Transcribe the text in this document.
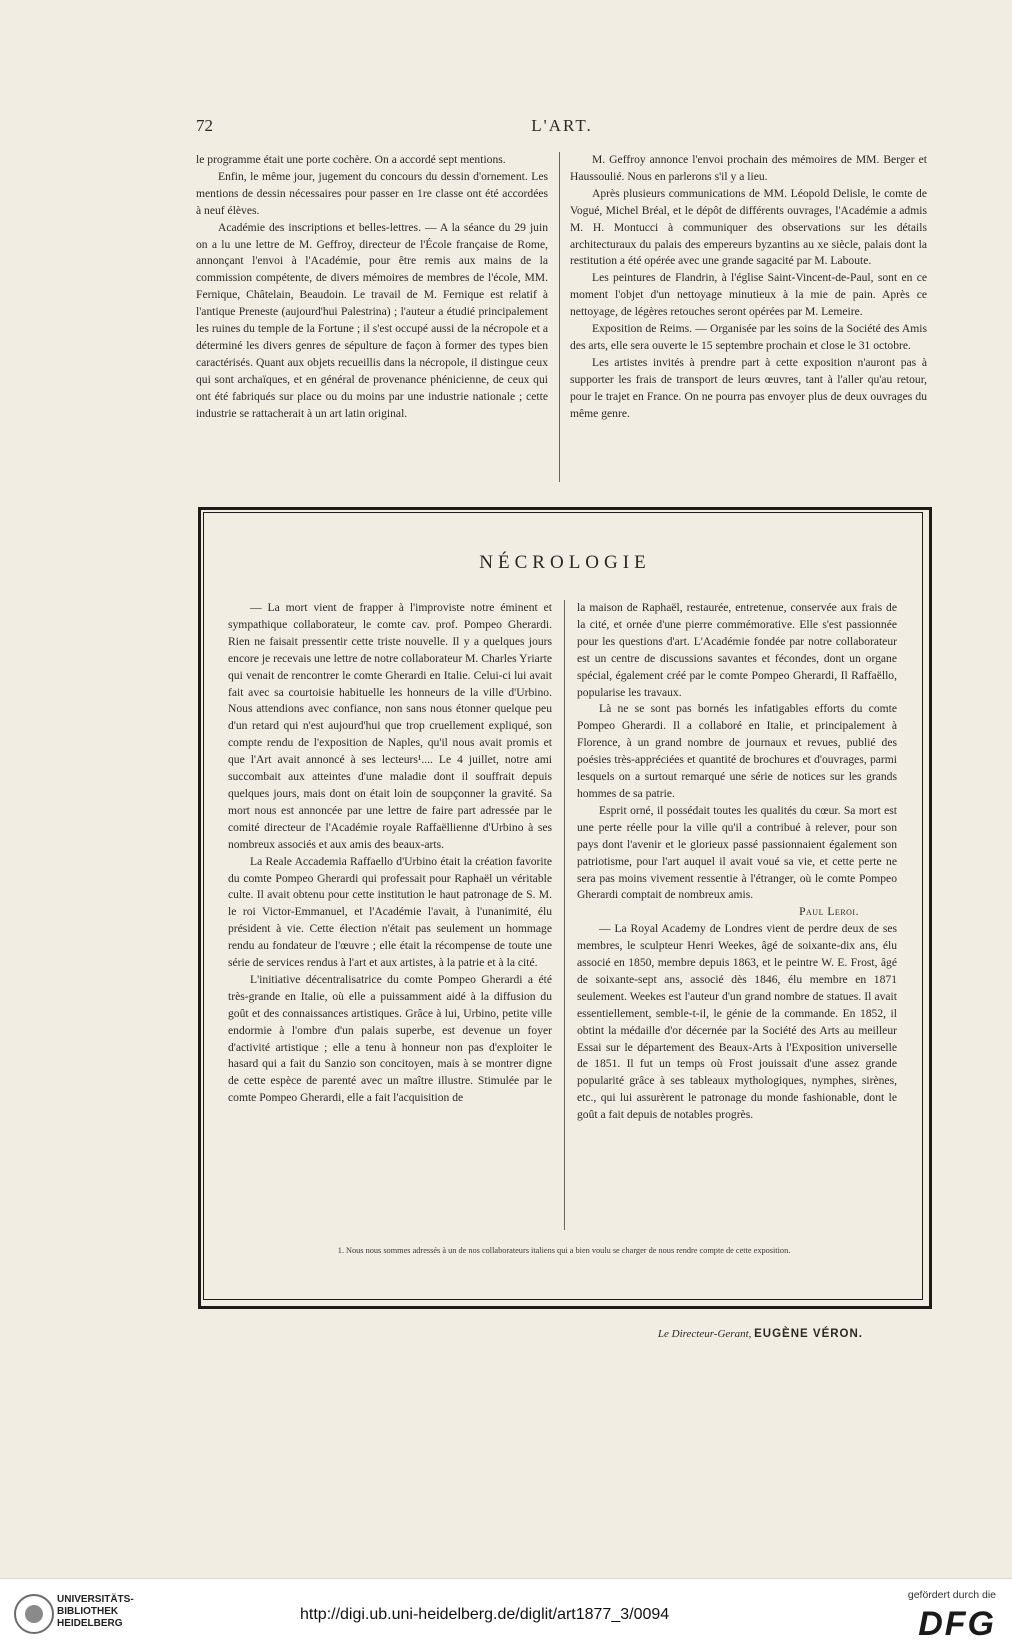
72	L'ART.

le programme était une porte cochère. On a accordé sept mentions.

Enfin, le même jour, jugement du concours du dessin d'ornement. Les mentions de dessin nécessaires pour passer en 1re classe ont été accordées à neuf élèves.

Académie des inscriptions et belles-lettres. — A la séance du 29 juin on a lu une lettre de M. Geffroy, directeur de l'École française de Rome, annonçant l'envoi à l'Académie, pour être remis aux mains de la commission compétente, de divers mémoires de membres de l'école, MM. Fernique, Châtelain, Beaudoin. Le travail de M. Fernique est relatif à l'antique Preneste (aujourd'hui Palestrina) ; l'auteur a étudié principalement les ruines du temple de la Fortune ; il s'est occupé aussi de la nécropole et a déterminé les divers genres de sépulture de façon à former des types bien caractérisés. Quant aux objets recueillis dans la nécropole, il distingue ceux qui sont archaïques, et en général de provenance phénicienne, de ceux qui ont été fabriqués sur place ou du moins par une industrie nationale ; cette industrie se rattacherait à un art latin original.

M. Geffroy annonce l'envoi prochain des mémoires de MM. Berger et Haussoulié. Nous en parlerons s'il y a lieu.

Après plusieurs communications de MM. Léopold Delisle, le comte de Vogué, Michel Bréal, et le dépôt de différents ouvrages, l'Académie a admis M. H. Montucci à communiquer des observations sur les détails architecturaux du palais des empereurs byzantins au xe siècle, palais dont la restitution a été opérée avec une grande sagacité par M. Laboute.

Les peintures de Flandrin, à l'église Saint-Vincent-de-Paul, sont en ce moment l'objet d'un nettoyage minutieux à la mie de pain. Après ce nettoyage, de légères retouches seront opérées par M. Lemeire.

Exposition de Reims. — Organisée par les soins de la Société des Amis des arts, elle sera ouverte le 15 septembre prochain et close le 31 octobre.

Les artistes invités à prendre part à cette exposition n'auront pas à supporter les frais de transport de leurs œuvres, tant à l'aller qu'au retour, pour le trajet en France. On ne pourra pas envoyer plus de deux ouvrages du même genre.

NÉCROLOGIE

— La mort vient de frapper à l'improviste notre éminent et sympathique collaborateur, le comte cav. prof. Pompeo Gherardi. Rien ne faisait pressentir cette triste nouvelle. Il y a quelques jours encore je recevais une lettre de notre collaborateur M. Charles Yriarte qui venait de rencontrer le comte Gherardi en Italie. Celui-ci lui avait fait avec sa courtoisie habituelle les honneurs de la ville d'Urbino. Nous attendions avec confiance, non sans nous étonner quelque peu d'un retard qui n'est aujourd'hui que trop cruellement expliqué, son compte rendu de l'exposition de Naples, qu'il nous avait promis et que l'Art avait annoncé à ses lecteurs¹.... Le 4 juillet, notre ami succombait aux atteintes d'une maladie dont il souffrait depuis quelques jours, mais dont on était loin de soupçonner la gravité. Sa mort nous est annoncée par une lettre de faire part adressée par le comité directeur de l'Académie royale Raffaëllienne d'Urbino à ses nombreux associés et aux amis des beaux-arts.

La Reale Accademia Raffaello d'Urbino était la création favorite du comte Pompeo Gherardi qui professait pour Raphaël un véritable culte. Il avait obtenu pour cette institution le haut patronage de S. M. le roi Victor-Emmanuel, et l'Académie l'avait, à l'unanimité, élu président à vie. Cette élection n'était pas seulement un hommage rendu au fondateur de l'œuvre ; elle était la récompense de toute une série de services rendus à l'art et aux artistes, à la patrie et à la cité.

L'initiative décentralisatrice du comte Pompeo Gherardi a été très-grande en Italie, où elle a puissamment aidé à la diffusion du goût et des connaissances artistiques. Grâce à lui, Urbino, petite ville endormie à l'ombre d'un palais superbe, est devenue un foyer d'activité artistique ; elle a tenu à honneur non pas d'exploiter le hasard qui a fait du Sanzio son concitoyen, mais à se montrer digne de cette espèce de parenté avec un maître illustre. Stimulée par le comte Pompeo Gherardi, elle a fait l'acquisition de

la maison de Raphaël, restaurée, entretenue, conservée aux frais de la cité, et ornée d'une pierre commémorative. Elle s'est passionnée pour les questions d'art. L'Académie fondée par notre collaborateur est un centre de discussions savantes et fécondes, dont un organe spécial, également créé par le comte Pompeo Gherardi, Il Raffaëllo, popularise les travaux.

Là ne se sont pas bornés les infatigables efforts du comte Pompeo Gherardi. Il a collaboré en Italie, et principalement à Florence, à un grand nombre de journaux et revues, publié des poésies très-appréciées et quantité de brochures et d'ouvrages, parmi lesquels on a surtout remarqué une série de notices sur les grands hommes de sa patrie.

Esprit orné, il possédait toutes les qualités du cœur. Sa mort est une perte réelle pour la ville qu'il a contribué à relever, pour son pays dont l'avenir et le glorieux passé passionnaient également son patriotisme, pour l'art auquel il avait voué sa vie, et cette perte ne sera pas moins vivement ressentie à l'étranger, où le comte Pompeo Gherardi comptait de nombreux amis.

Paul Leroi.

— La Royal Academy de Londres vient de perdre deux de ses membres, le sculpteur Henri Weekes, âgé de soixante-dix ans, élu associé en 1850, membre depuis 1863, et le peintre W. E. Frost, âgé de soixante-sept ans, associé dès 1846, élu membre en 1871 seulement. Weekes est l'auteur d'un grand nombre de statues. Il avait essentiellement, semble-t-il, le génie de la commande. En 1852, il obtint la médaille d'or décernée par la Société des Arts au meilleur Essai sur le département des Beaux-Arts à l'Exposition universelle de 1851. Il fut un temps où Frost jouissait d'une assez grande popularité grâce à ses tableaux mythologiques, nymphes, sirènes, etc., qui lui assurèrent le patronage du monde fashionable, dont le goût a fait depuis de notables progrès.

1. Nous nous sommes adressés à un de nos collaborateurs italiens qui a bien voulu se charger de nous rendre compte de cette exposition.
Le Directeur-Gerant, EUGÈNE VÉRON.
UNIVERSITÄTS-
BIBLIOTHEK
HEIDELBERG
http://digi.ub.uni-heidelberg.de/diglit/art1877_3/0094
gefördert durch die
DFG
